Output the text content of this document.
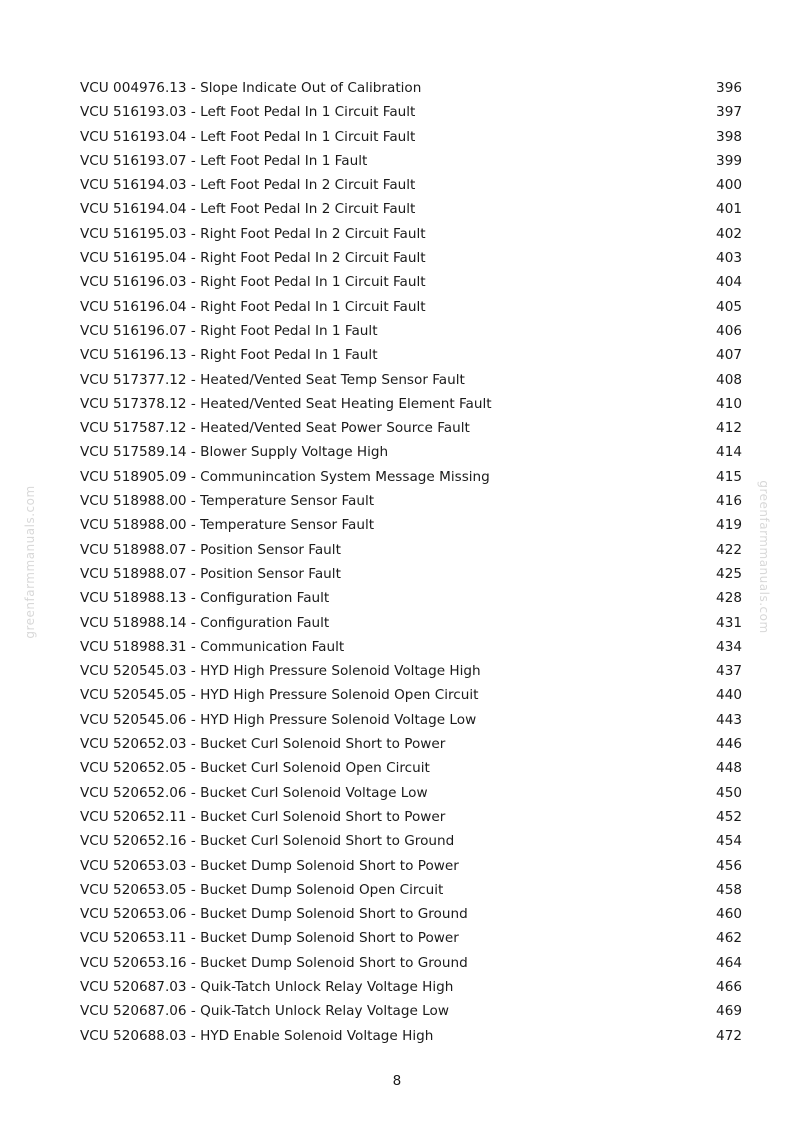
VCU 004976.13 - Slope Indicate Out of Calibration	396
VCU 516193.03 - Left Foot Pedal In 1 Circuit Fault	397
VCU 516193.04 - Left Foot Pedal In 1 Circuit Fault	398
VCU 516193.07 - Left Foot Pedal In 1 Fault	399
VCU 516194.03 - Left Foot Pedal In 2 Circuit Fault	400
VCU 516194.04 - Left Foot Pedal In 2 Circuit Fault	401
VCU 516195.03 - Right Foot Pedal In 2 Circuit Fault	402
VCU 516195.04 - Right Foot Pedal In 2 Circuit Fault	403
VCU 516196.03 - Right Foot Pedal In 1 Circuit Fault	404
VCU 516196.04 - Right Foot Pedal In 1 Circuit Fault	405
VCU 516196.07 - Right Foot Pedal In 1 Fault	406
VCU 516196.13 - Right Foot Pedal In 1 Fault	407
VCU 517377.12 - Heated/Vented Seat Temp Sensor Fault	408
VCU 517378.12 - Heated/Vented Seat Heating Element Fault	410
VCU 517587.12 - Heated/Vented Seat Power Source Fault	412
VCU 517589.14 - Blower Supply Voltage High	414
VCU 518905.09 - Communincation System Message Missing	415
VCU 518988.00 - Temperature Sensor Fault	416
VCU 518988.00 - Temperature Sensor Fault	419
VCU 518988.07 - Position Sensor Fault	422
VCU 518988.07 - Position Sensor Fault	425
VCU 518988.13 - Configuration Fault	428
VCU 518988.14 - Configuration Fault	431
VCU 518988.31 - Communication Fault	434
VCU 520545.03 - HYD High Pressure Solenoid Voltage High	437
VCU 520545.05 - HYD High Pressure Solenoid Open Circuit	440
VCU 520545.06 - HYD High Pressure Solenoid Voltage Low	443
VCU 520652.03 - Bucket Curl Solenoid Short to Power	446
VCU 520652.05 - Bucket Curl Solenoid Open Circuit	448
VCU 520652.06 - Bucket Curl Solenoid Voltage Low	450
VCU 520652.11 - Bucket Curl Solenoid Short to Power	452
VCU 520652.16 - Bucket Curl Solenoid Short to Ground	454
VCU 520653.03 - Bucket Dump Solenoid Short to Power	456
VCU 520653.05 - Bucket Dump Solenoid Open Circuit	458
VCU 520653.06 - Bucket Dump Solenoid Short to Ground	460
VCU 520653.11 - Bucket Dump Solenoid Short to Power	462
VCU 520653.16 - Bucket Dump Solenoid Short to Ground	464
VCU 520687.03 - Quik-Tatch Unlock Relay Voltage High	466
VCU 520687.06 - Quik-Tatch Unlock Relay Voltage Low	469
VCU 520688.03 - HYD Enable Solenoid Voltage High	472
8
greenfarmmanuals.com	greenfarmmanuals.com
